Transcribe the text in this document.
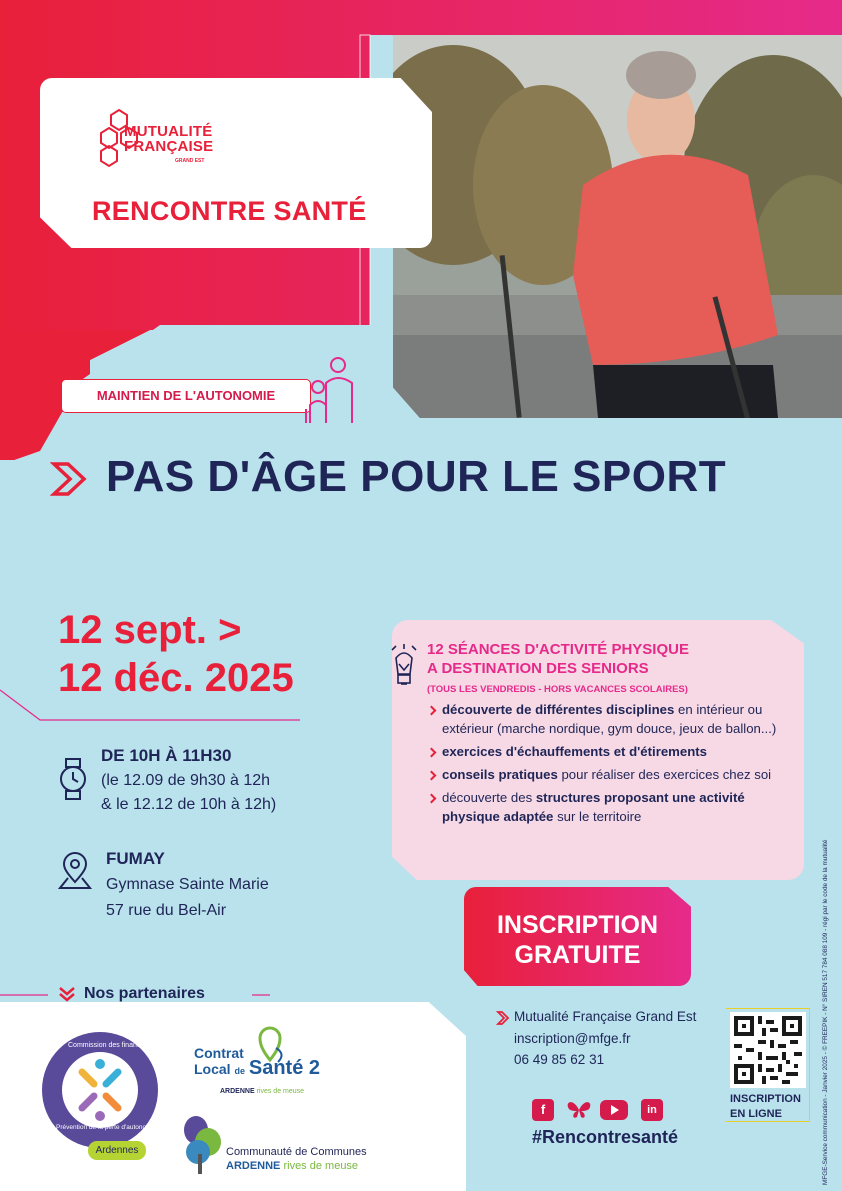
MUTUALITÉ
FRANÇAISE
GRAND EST
RENCONTRE SANTÉ
MAINTIEN DE L'AUTONOMIE
PAS D'ÂGE POUR LE SPORT
12 sept. >
12 déc. 2025
DE 10H À 11H30
(le 12.09 de 9h30 à 12h
& le 12.12 de 10h à 12h)
FUMAY
Gymnase Sainte Marie
57 rue du Bel-Air
12 SÉANCES D'ACTIVITÉ PHYSIQUE
A DESTINATION DES SENIORS
(TOUS LES VENDREDIS - HORS VACANCES SCOLAIRES)
découverte de différentes disciplines en intérieur ou extérieur (marche nordique, gym douce, jeux de ballon...)
exercices d'échauffements et d'étirements
conseils pratiques pour réaliser des exercices chez soi
découverte des structures proposant une activité physique adaptée sur le territoire
INSCRIPTION
GRATUITE
Nos partenaires
Commission des financeurs
Prévention de la perte d'autonomie
Ardennes
Contrat
Local de Santé 2
ARDENNE rives de meuse
Communauté de Communes
ARDENNE rives de meuse
Mutualité Française Grand Est
inscription@mfge.fr
06 49 85 62 31
f	in
#Rencontresanté
INSCRIPTION
EN LIGNE	MFGE-Service communication - Janvier 2025 - © FREEPIK - N° SIREN 517 784 088 109 - régi par le code de la mutualité
